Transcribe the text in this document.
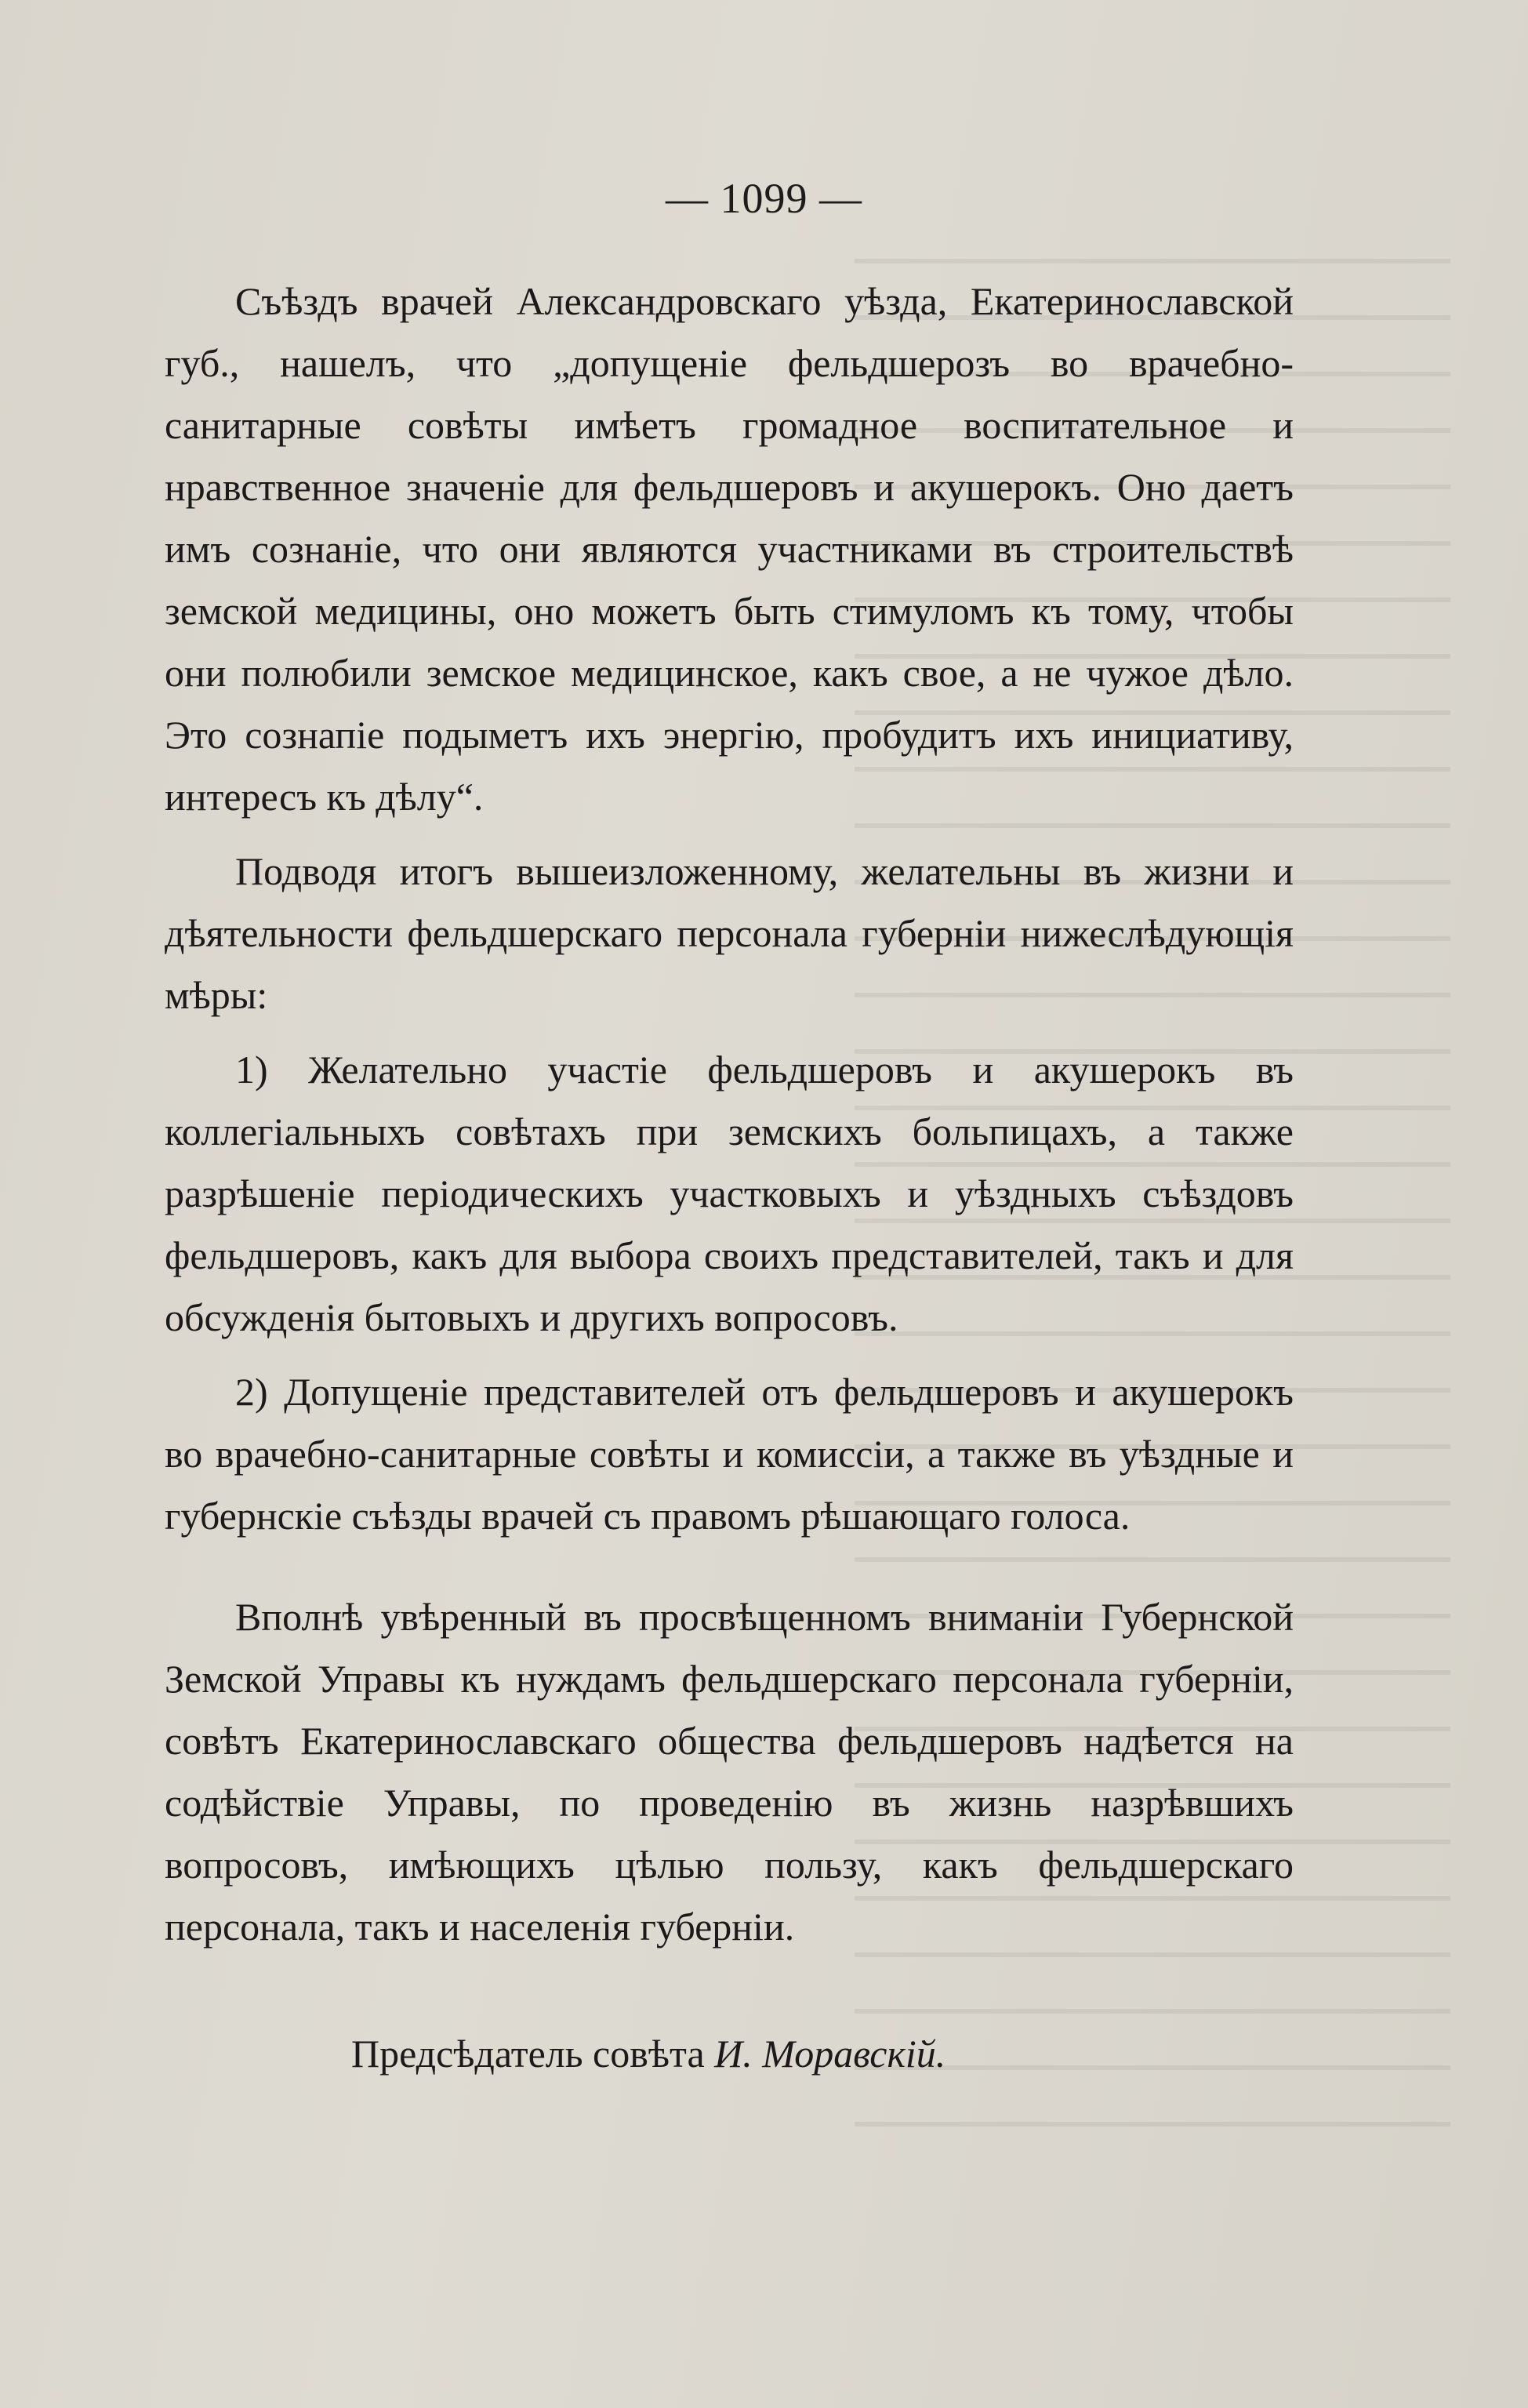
— 1099 —

Съѣздъ врачей Александровскаго уѣзда, Екатеринославской губ., нашелъ, что „допущеніе фельдшерозъ во врачебно-санитарные совѣты имѣетъ громадное воспитательное и нравственное значеніе для фельдшеровъ и акушерокъ. Оно даетъ имъ сознаніе, что они являются участниками въ строительствѣ земской медицины, оно можетъ быть стимуломъ къ тому, чтобы они полюбили земское медицинское, какъ свое, а не чужое дѣло. Это сознапіе подыметъ ихъ энергію, пробудитъ ихъ инициативу, интересъ къ дѣлу“.

Подводя итогъ вышеизложенному, желательны въ жизни и дѣятельности фельдшерскаго персонала губерніи нижеслѣдующія мѣры:

1) Желательно участіе фельдшеровъ и акушерокъ въ коллегіальныхъ совѣтахъ при земскихъ больпицахъ, а также разрѣшеніе періодическихъ участковыхъ и уѣздныхъ съѣздовъ фельдшеровъ, какъ для выбора своихъ представителей, такъ и для обсужденія бытовыхъ и другихъ вопросовъ.

2) Допущеніе представителей отъ фельдшеровъ и акушерокъ во врачебно-санитарные совѣты и комиссіи, а также въ уѣздные и губернскіе съѣзды врачей съ правомъ рѣшающаго голоса.

Вполнѣ увѣренный въ просвѣщенномъ вниманіи Губернской Земской Управы къ нуждамъ фельдшерскаго персонала губерніи, совѣтъ Екатеринославскаго общества фельдшеровъ надѣется на содѣйствіе Управы, по проведенію въ жизнь назрѣвшихъ вопросовъ, имѣющихъ цѣлью пользу, какъ фельдшерскаго персонала, такъ и населенія губерніи.

Предсѣдатель совѣта И. Моравскій.
